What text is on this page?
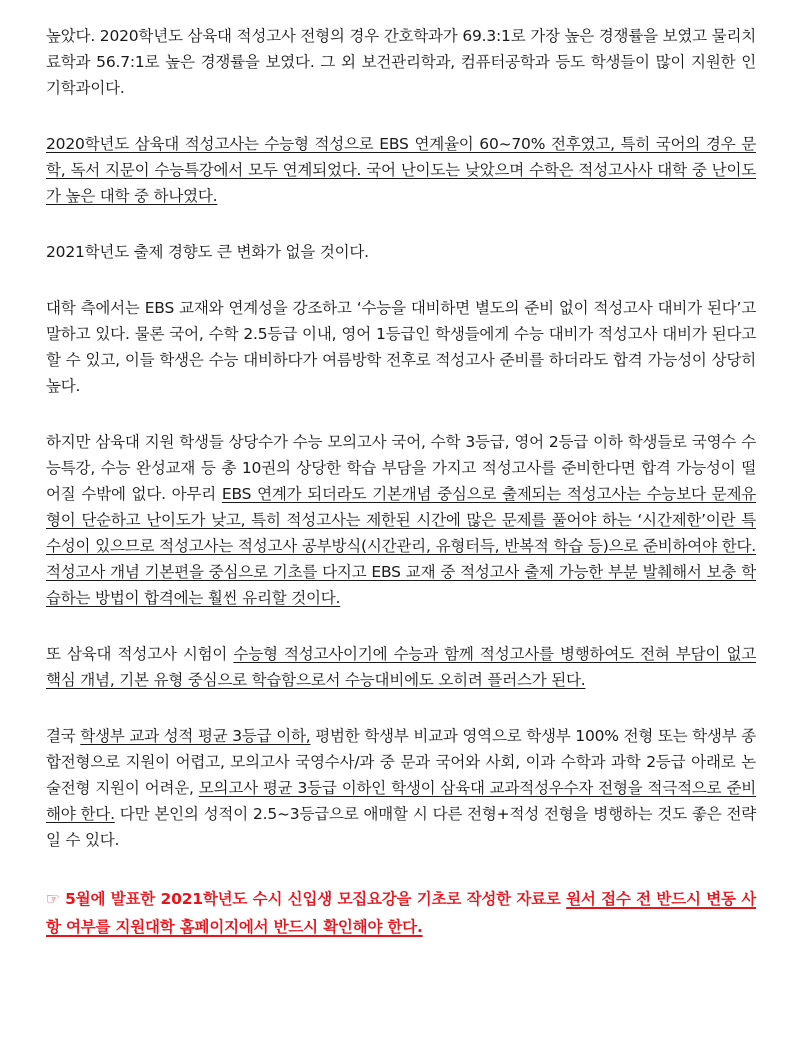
높았다. 2020학년도 삼육대 적성고사 전형의 경우 간호학과가 69.3:1로 가장 높은 경쟁률을 보였고 물리치료학과 56.7:1로 높은 경쟁률을 보였다. 그 외 보건관리학과, 컴퓨터공학과 등도 학생들이 많이 지원한 인기학과이다.

2020학년도 삼육대 적성고사는 수능형 적성으로 EBS 연계율이 60~70% 전후였고, 특히 국어의 경우 문학, 독서 지문이 수능특강에서 모두 연계되었다. 국어 난이도는 낮았으며 수학은 적성고사사 대학 중 난이도가 높은 대학 중 하나였다.

2021학년도 출제 경향도 큰 변화가 없을 것이다.

대학 측에서는 EBS 교재와 연계성을 강조하고 ‘수능을 대비하면 별도의 준비 없이 적성고사 대비가 된다’고 말하고 있다. 물론 국어, 수학 2.5등급 이내, 영어 1등급인 학생들에게 수능 대비가 적성고사 대비가 된다고 할 수 있고, 이들 학생은 수능 대비하다가 여름방학 전후로 적성고사 준비를 하더라도 합격 가능성이 상당히 높다.

하지만 삼육대 지원 학생들 상당수가 수능 모의고사 국어, 수학 3등급, 영어 2등급 이하 학생들로 국영수 수능특강, 수능 완성교재 등 총 10권의 상당한 학습 부담을 가지고 적성고사를 준비한다면 합격 가능성이 떨어질 수밖에 없다. 아무리 EBS 연계가 되더라도 기본개념 중심으로 출제되는 적성고사는 수능보다 문제유형이 단순하고 난이도가 낮고, 특히 적성고사는 제한된 시간에 많은 문제를 풀어야 하는 ‘시간제한’이란 특수성이 있으므로 적성고사는 적성고사 공부방식(시간관리, 유형터득, 반복적 학습 등)으로 준비하여야 한다. 적성고사 개념 기본편을 중심으로 기초를 다지고 EBS 교재 중 적성고사 출제 가능한 부분 발췌해서 보충 학습하는 방법이 합격에는 훨씬 유리할 것이다.

또 삼육대 적성고사 시험이 수능형 적성고사이기에 수능과 함께 적성고사를 병행하여도 전혀 부담이 없고 핵심 개념, 기본 유형 중심으로 학습함으로서 수능대비에도 오히려 플러스가 된다.

결국 학생부 교과 성적 평균 3등급 이하, 평범한 학생부 비교과 영역으로 학생부 100% 전형 또는 학생부 종합전형으로 지원이 어렵고, 모의고사 국영수사/과 중 문과 국어와 사회, 이과 수학과 과학 2등급 아래로 논술전형 지원이 어려운, 모의고사 평균 3등급 이하인 학생이 삼육대 교과적성우수자 전형을 적극적으로 준비해야 한다. 다만 본인의 성적이 2.5~3등급으로 애매할 시 다른 전형+적성 전형을 병행하는 것도 좋은 전략일 수 있다.

☞ 5월에 발표한 2021학년도 수시 신입생 모집요강을 기초로 작성한 자료로 원서 접수 전 반드시 변동 사항 여부를 지원대학 홈페이지에서 반드시 확인해야 한다.
